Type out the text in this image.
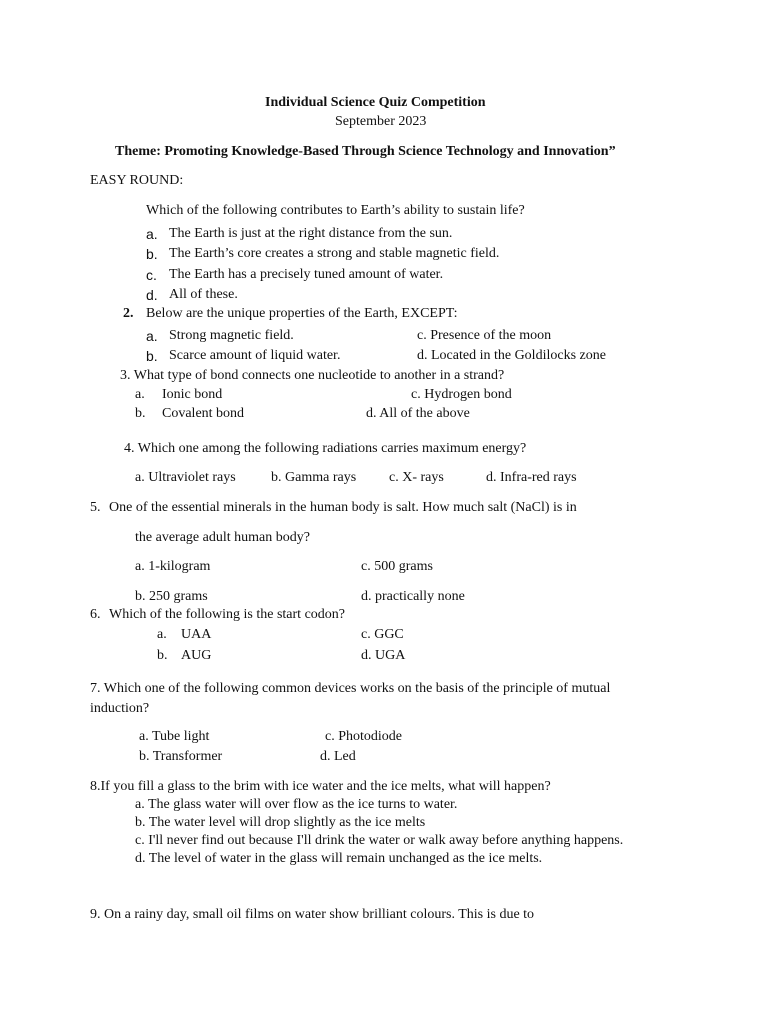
Individual Science Quiz Competition
September 2023
Theme: Promoting Knowledge-Based Through Science Technology and Innovation”
EASY ROUND:
Which of the following contributes to Earth’s ability to sustain life?
a. The Earth is just at the right distance from the sun.
b. The Earth’s core creates a strong and stable magnetic field.
c. The Earth has a precisely tuned amount of water.
d. All of these.
2. Below are the unique properties of the Earth, EXCEPT:
a. Strong magnetic field.
b. Scarce amount of liquid water.
c. Presence of the moon
d. Located in the Goldilocks zone
3. What type of bond connects one nucleotide to another in a strand?
a. Ionic bond
b. Covalent bond
c. Hydrogen bond
d. All of the above
4. Which one among the following radiations carries maximum energy?
a. Ultraviolet rays	b. Gamma rays c. X- rays	d. Infra-red rays
5. One of the essential minerals in the human body is salt. How much salt (NaCl) is in
the average adult human body?
a. 1-kilogram	c. 500 grams
b. 250 grams	d. practically none
6. Which of the following is the start codon?
a. UAA	c. GGC
b. AUG	d. UGA
7. Which one of the following common devices works on the basis of the principle of mutual
induction?
a. Tube light	c. Photodiode
b. Transformer	d. Led
8.If you fill a glass to the brim with ice water and the ice melts, what will happen?
a. The glass water will over flow as the ice turns to water.
b. The water level will drop slightly as the ice melts
c. I'll never find out because I'll drink the water or walk away before anything happens.
d. The level of water in the glass will remain unchanged as the ice melts.
9. On a rainy day, small oil films on water show brilliant colours. This is due to
